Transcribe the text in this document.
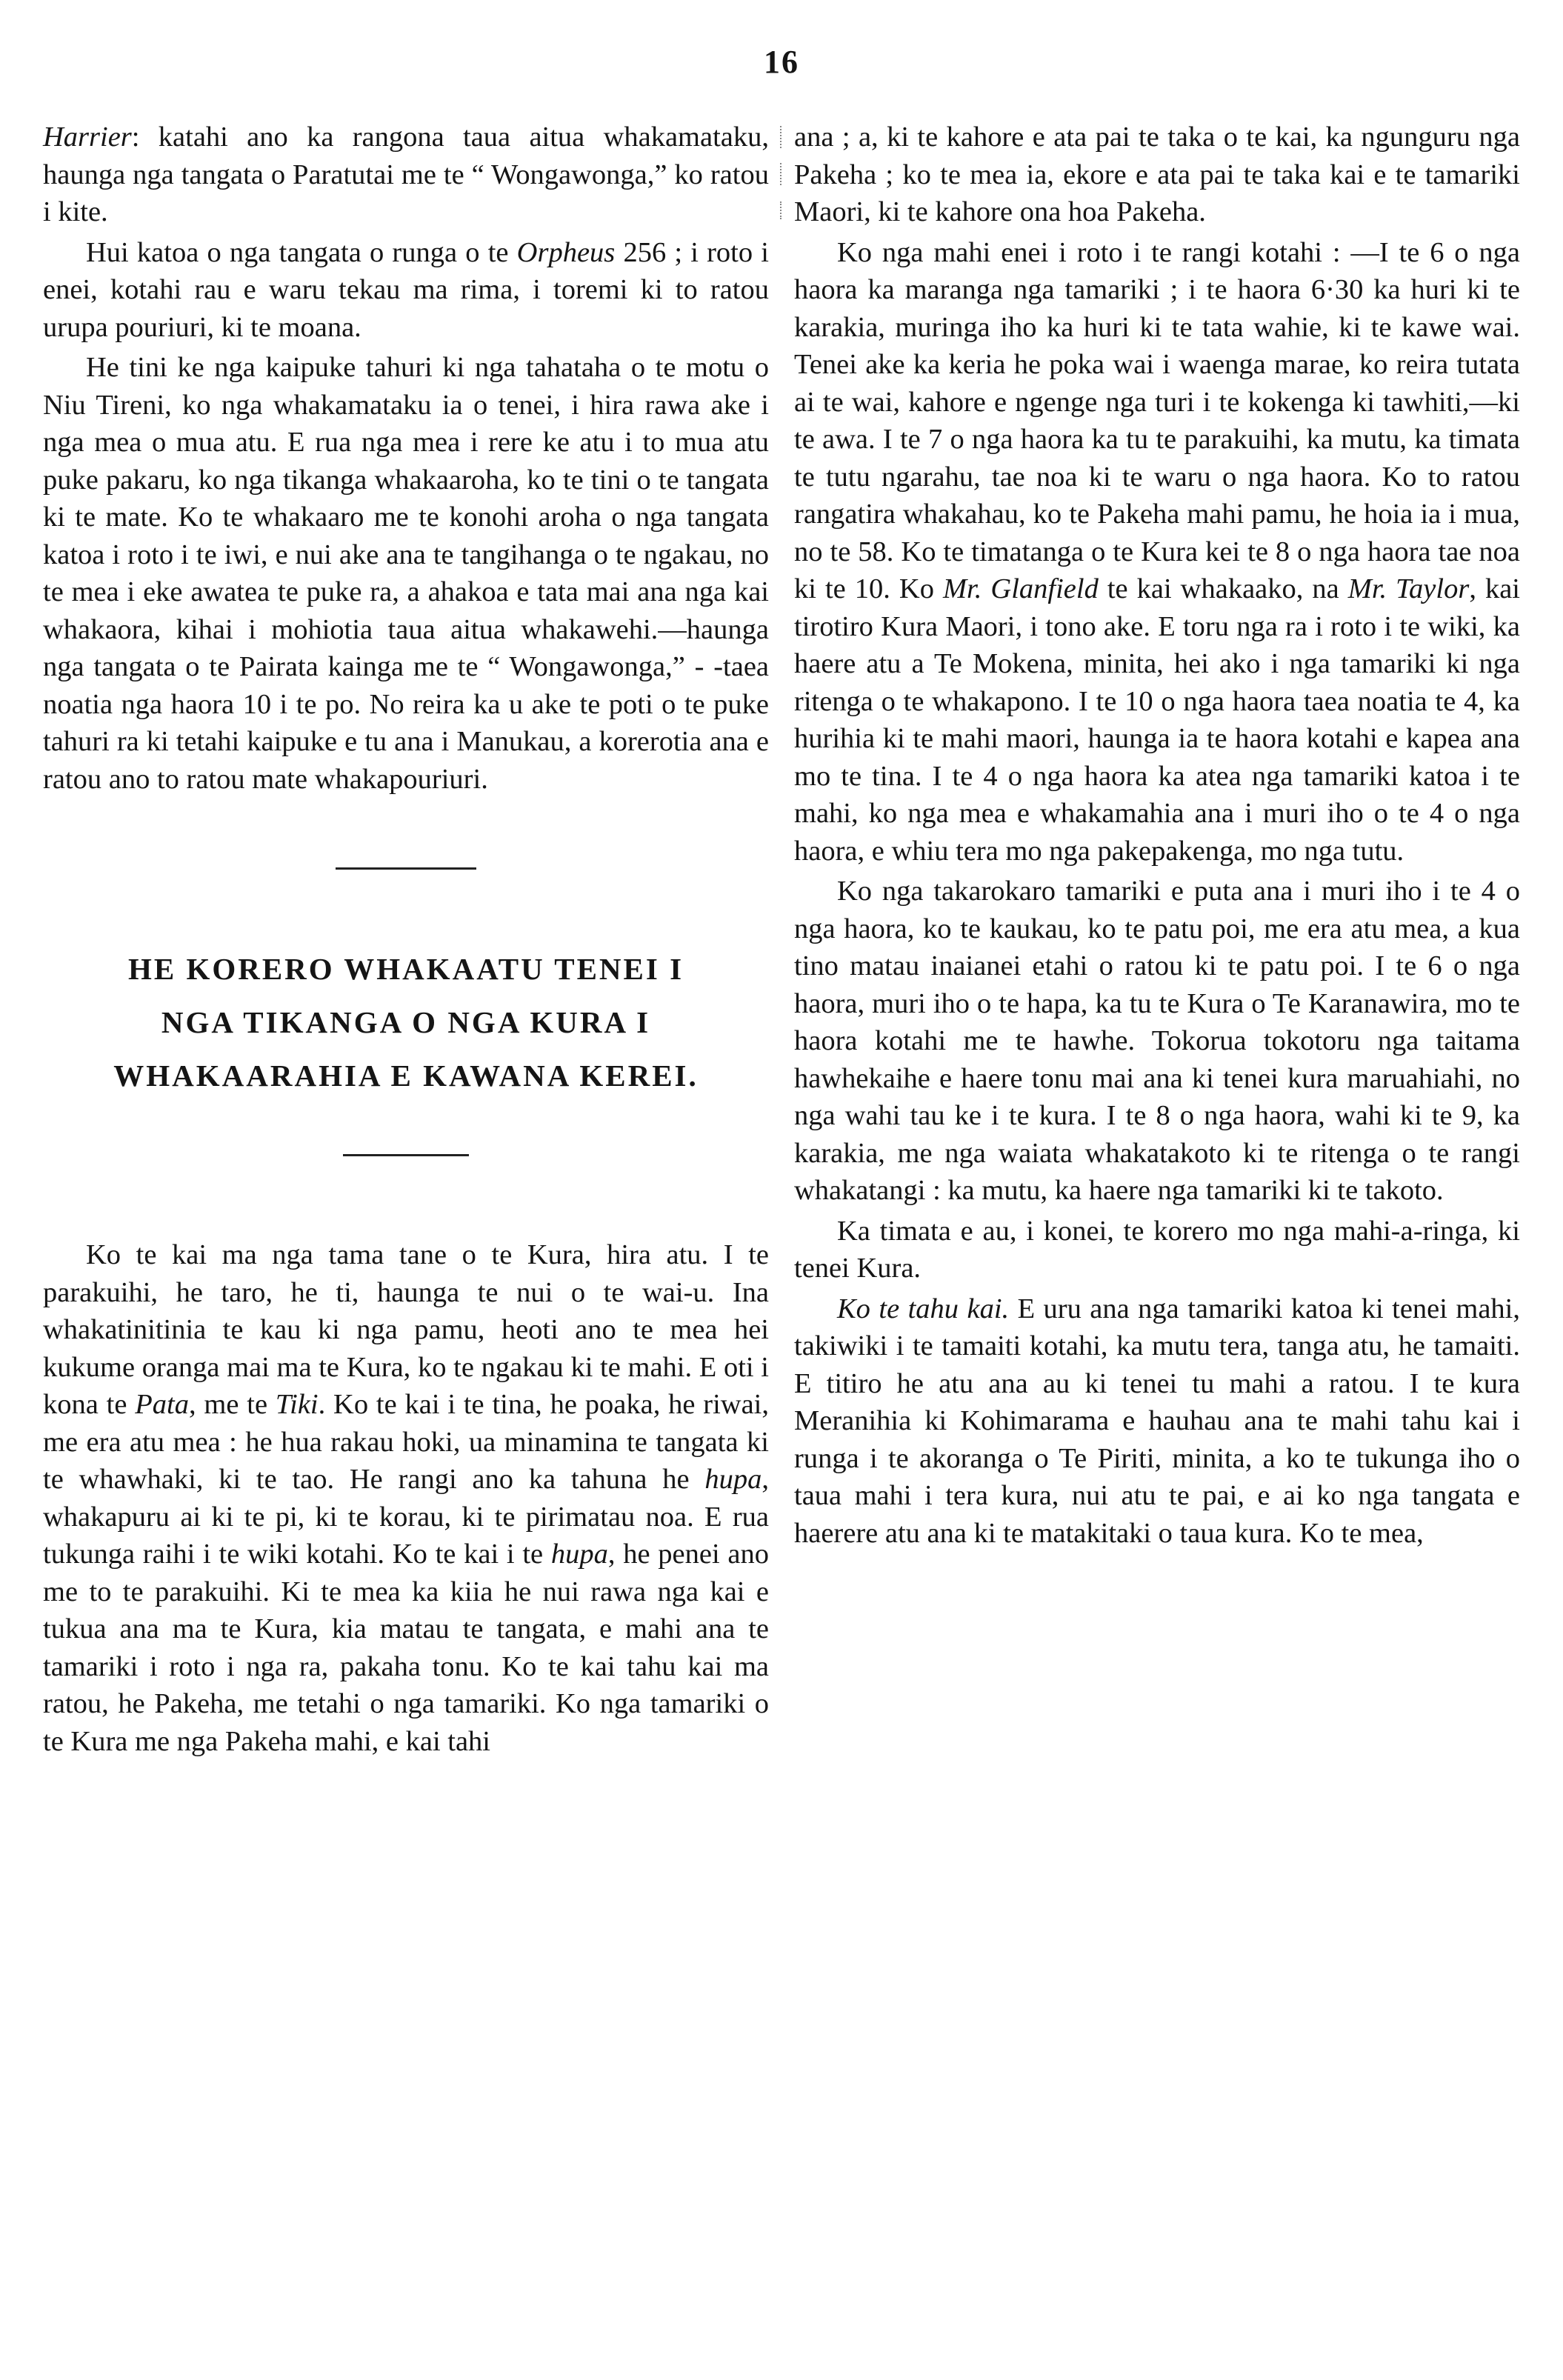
16

Harrier: katahi ano ka rangona taua aitua whakamataku, haunga nga tangata o Paratutai me te “ Wongawonga,” ko ratou i kite.

Hui katoa o nga tangata o runga o te Orpheus 256 ; i roto i enei, kotahi rau e waru tekau ma rima, i toremi ki to ratou urupa pouriuri, ki te moana.

He tini ke nga kaipuke tahuri ki nga tahataha o te motu o Niu Tireni, ko nga whakamataku ia o tenei, i hira rawa ake i nga mea o mua atu. E rua nga mea i rere ke atu i to mua atu puke pakaru, ko nga tikanga whakaaroha, ko te tini o te tangata ki te mate. Ko te whakaaro me te konohi aroha o nga tangata katoa i roto i te iwi, e nui ake ana te tangihanga o te ngakau, no te mea i eke awatea te puke ra, a ahakoa e tata mai ana nga kai whakaora, kihai i mohiotia taua aitua whakawehi.—haunga nga tangata o te Pairata kainga me te “ Wongawonga,” - -taea noatia nga haora 10 i te po. No reira ka u ake te poti o te puke tahuri ra ki tetahi kaipuke e tu ana i Manukau, a korerotia ana e ratou ano to ratou mate whakapouriuri.

HE KORERO WHAKAATU TENEI I
NGA TIKANGA O NGA KURA I
WHAKAARAHIA E KAWANA KEREI.

Ko te kai ma nga tama tane o te Kura, hira atu. I te parakuihi, he taro, he ti, haunga te nui o te wai-u. Ina whakatinitinia te kau ki nga pamu, heoti ano te mea hei kukume oranga mai ma te Kura, ko te ngakau ki te mahi. E oti i kona te Pata, me te Tiki. Ko te kai i te tina, he poaka, he riwai, me era atu mea : he hua rakau hoki, ua minamina te tangata ki te whawhaki, ki te tao. He rangi ano ka tahuna he hupa, whakapuru ai ki te pi, ki te korau, ki te pirimatau noa. E rua tukunga raihi i te wiki kotahi. Ko te kai i te hupa, he penei ano me to te parakuihi. Ki te mea ka kiia he nui rawa nga kai e tukua ana ma te Kura, kia matau te tangata, e mahi ana te tamariki i roto i nga ra, pakaha tonu. Ko te kai tahu kai ma ratou, he Pakeha, me tetahi o nga tamariki. Ko nga tamariki o te Kura me nga Pakeha mahi, e kai tahi

ana ; a, ki te kahore e ata pai te taka o te kai, ka ngunguru nga Pakeha ; ko te mea ia, ekore e ata pai te taka kai e te tamariki Maori, ki te kahore ona hoa Pakeha.

Ko nga mahi enei i roto i te rangi kotahi : —I te 6 o nga haora ka maranga nga tamariki ; i te haora 6·30 ka huri ki te karakia, muringa iho ka huri ki te tata wahie, ki te kawe wai. Tenei ake ka keria he poka wai i waenga marae, ko reira tutata ai te wai, kahore e ngenge nga turi i te kokenga ki tawhiti,—ki te awa. I te 7 o nga haora ka tu te parakuihi, ka mutu, ka timata te tutu ngarahu, tae noa ki te waru o nga haora. Ko to ratou rangatira whakahau, ko te Pakeha mahi pamu, he hoia ia i mua, no te 58. Ko te timatanga o te Kura kei te 8 o nga haora tae noa ki te 10. Ko Mr. Glanfield te kai whakaako, na Mr. Taylor, kai tirotiro Kura Maori, i tono ake. E toru nga ra i roto i te wiki, ka haere atu a Te Mokena, minita, hei ako i nga tamariki ki nga ritenga o te whakapono. I te 10 o nga haora taea noatia te 4, ka hurihia ki te mahi maori, haunga ia te haora kotahi e kapea ana mo te tina. I te 4 o nga haora ka atea nga tamariki katoa i te mahi, ko nga mea e whakamahia ana i muri iho o te 4 o nga haora, e whiu tera mo nga pakepakenga, mo nga tutu.

Ko nga takarokaro tamariki e puta ana i muri iho i te 4 o nga haora, ko te kaukau, ko te patu poi, me era atu mea, a kua tino matau inaianei etahi o ratou ki te patu poi. I te 6 o nga haora, muri iho o te hapa, ka tu te Kura o Te Karanawira, mo te haora kotahi me te hawhe. Tokorua tokotoru nga taitama hawhekaihe e haere tonu mai ana ki tenei kura maruahiahi, no nga wahi tau ke i te kura. I te 8 o nga haora, wahi ki te 9, ka karakia, me nga waiata whakatakoto ki te ritenga o te rangi whakatangi : ka mutu, ka haere nga tamariki ki te takoto.

Ka timata e au, i konei, te korero mo nga mahi-a-ringa, ki tenei Kura.

Ko te tahu kai. E uru ana nga tamariki katoa ki tenei mahi, takiwiki i te tamaiti kotahi, ka mutu tera, tanga atu, he tamaiti. E titiro he atu ana au ki tenei tu mahi a ratou. I te kura Meranihia ki Kohimarama e hauhau ana te mahi tahu kai i runga i te akoranga o Te Piriti, minita, a ko te tukunga iho o taua mahi i tera kura, nui atu te pai, e ai ko nga tangata e haerere atu ana ki te matakitaki o taua kura. Ko te mea,
